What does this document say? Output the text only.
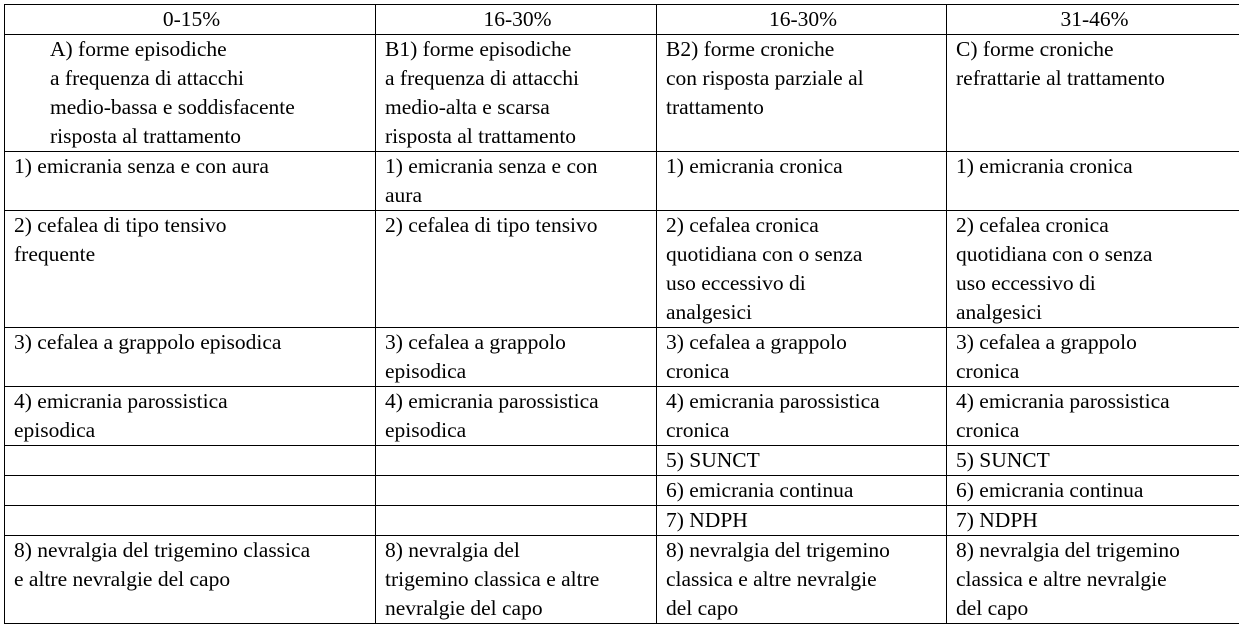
0-15%	16-30%	16-30%	31-46%
A) forme episodiche
a frequenza di attacchi
medio-bassa e soddisfacente
risposta al trattamento	B1) forme episodiche
a frequenza di attacchi
medio-alta e scarsa
risposta al trattamento	B2) forme croniche
con risposta parziale al
trattamento	C) forme croniche
refrattarie al trattamento
1) emicrania senza e con aura	1) emicrania senza e con
aura	1) emicrania cronica	1) emicrania cronica
2) cefalea di tipo tensivo
frequente	2) cefalea di tipo tensivo	2) cefalea cronica
quotidiana con o senza
uso eccessivo di
analgesici	2) cefalea cronica
quotidiana con o senza
uso eccessivo di
analgesici
3) cefalea a grappolo episodica	3) cefalea a grappolo
episodica	3) cefalea a grappolo
cronica	3) cefalea a grappolo
cronica
4) emicrania parossistica
episodica	4) emicrania parossistica
episodica	4) emicrania parossistica
cronica	4) emicrania parossistica
cronica
		5) SUNCT	5) SUNCT
		6) emicrania continua	6) emicrania continua
		7) NDPH	7) NDPH
8) nevralgia del trigemino classica
e altre nevralgie del capo	8) nevralgia del
trigemino classica e altre
nevralgie del capo	8) nevralgia del trigemino
classica e altre nevralgie
del capo	8) nevralgia del trigemino
classica e altre nevralgie
del capo
